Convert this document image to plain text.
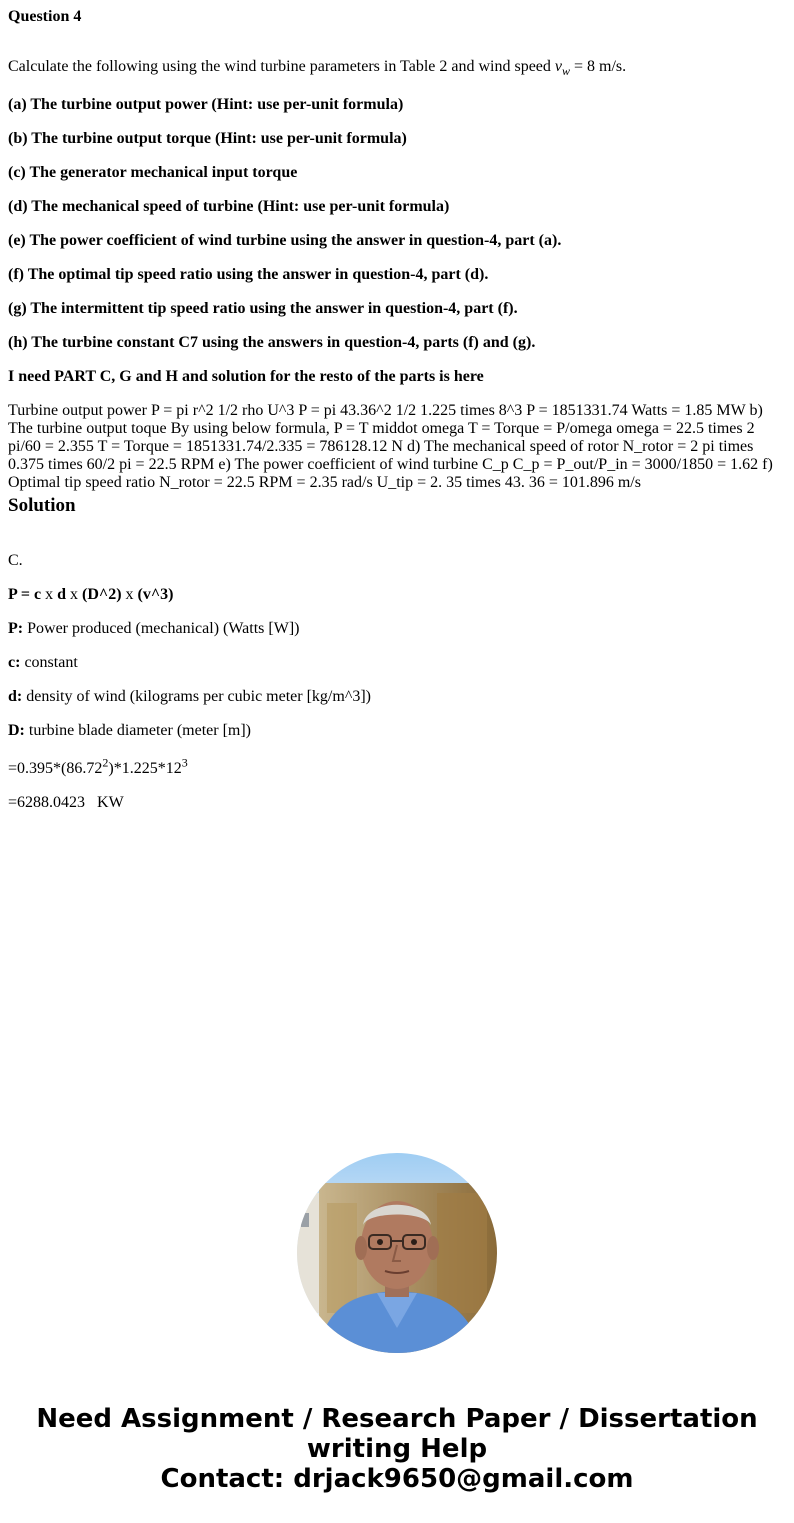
Question 4

Calculate the following using the wind turbine parameters in Table 2 and wind speed $v_w = 8$ m/s.

(a) The turbine output power (Hint: use per-unit formula)

(b) The turbine output torque (Hint: use per-unit formula)

(c) The generator mechanical input torque

(d) The mechanical speed of turbine (Hint: use per-unit formula)

(e) The power coefficient of wind turbine using the answer in question-4, part (a).

(f) The optimal tip speed ratio using the answer in question-4, part (d).

(g) The intermittent tip speed ratio using the answer in question-4, part (f).

(h) The turbine constant C7 using the answers in question-4, parts (f) and (g).

I need PART C, G and H and solution for the resto of the parts is here

Turbine output power P = pi r^2 1/2 rho U^3 P = pi 43.36^2 1/2 1.225 times 8^3 P = 1851331.74 Watts = 1.85 MW b) The turbine output toque By using below formula, P = T middot omega T = Torque = P/omega omega = 22.5 times 2 pi/60 = 2.355 T = Torque = 1851331.74/2.335 = 786128.12 N d) The mechanical speed of rotor N_rotor = 2 pi times 0.375 times 60/2 pi = 22.5 RPM e) The power coefficient of wind turbine C_p C_p = P_out/P_in = 3000/1850 = 1.62 f) Optimal tip speed ratio N_rotor = 22.5 RPM = 2.35 rad/s U_tip = 2. 35 times 43. 36 = 101.896 m/s

Solution

C.

P = c x d x (D^2) x (v^3)

P: Power produced (mechanical) (Watts [W])

c: constant

d: density of wind (kilograms per cubic meter [kg/m^3])

D: turbine blade diameter (meter [m])

$=0.395*(86.72^2)*1.225*12^3$

=6288.0423   KW

Need Assignment / Research Paper / Dissertation
writing Help
Contact: drjack9650@gmail.com
